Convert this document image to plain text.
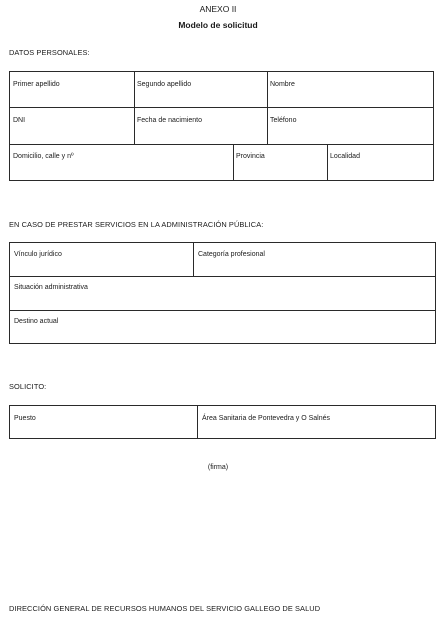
ANEXO II
Modelo de solicitud
DATOS PERSONALES:
Primer apellido	Segundo apellido	Nombre
DNI	Fecha de nacimiento	Teléfono
Domicilio, calle y nº	Provincia	Localidad
EN CASO DE PRESTAR SERVICIOS EN LA ADMINISTRACIÓN PÚBLICA:
Vínculo jurídico	Categoría profesional
Situación administrativa
Destino actual
SOLICITO:
Puesto	Área Sanitaria de Pontevedra y O Salnés
(firma)
DIRECCIÓN GENERAL DE RECURSOS HUMANOS DEL SERVICIO GALLEGO DE SALUD
